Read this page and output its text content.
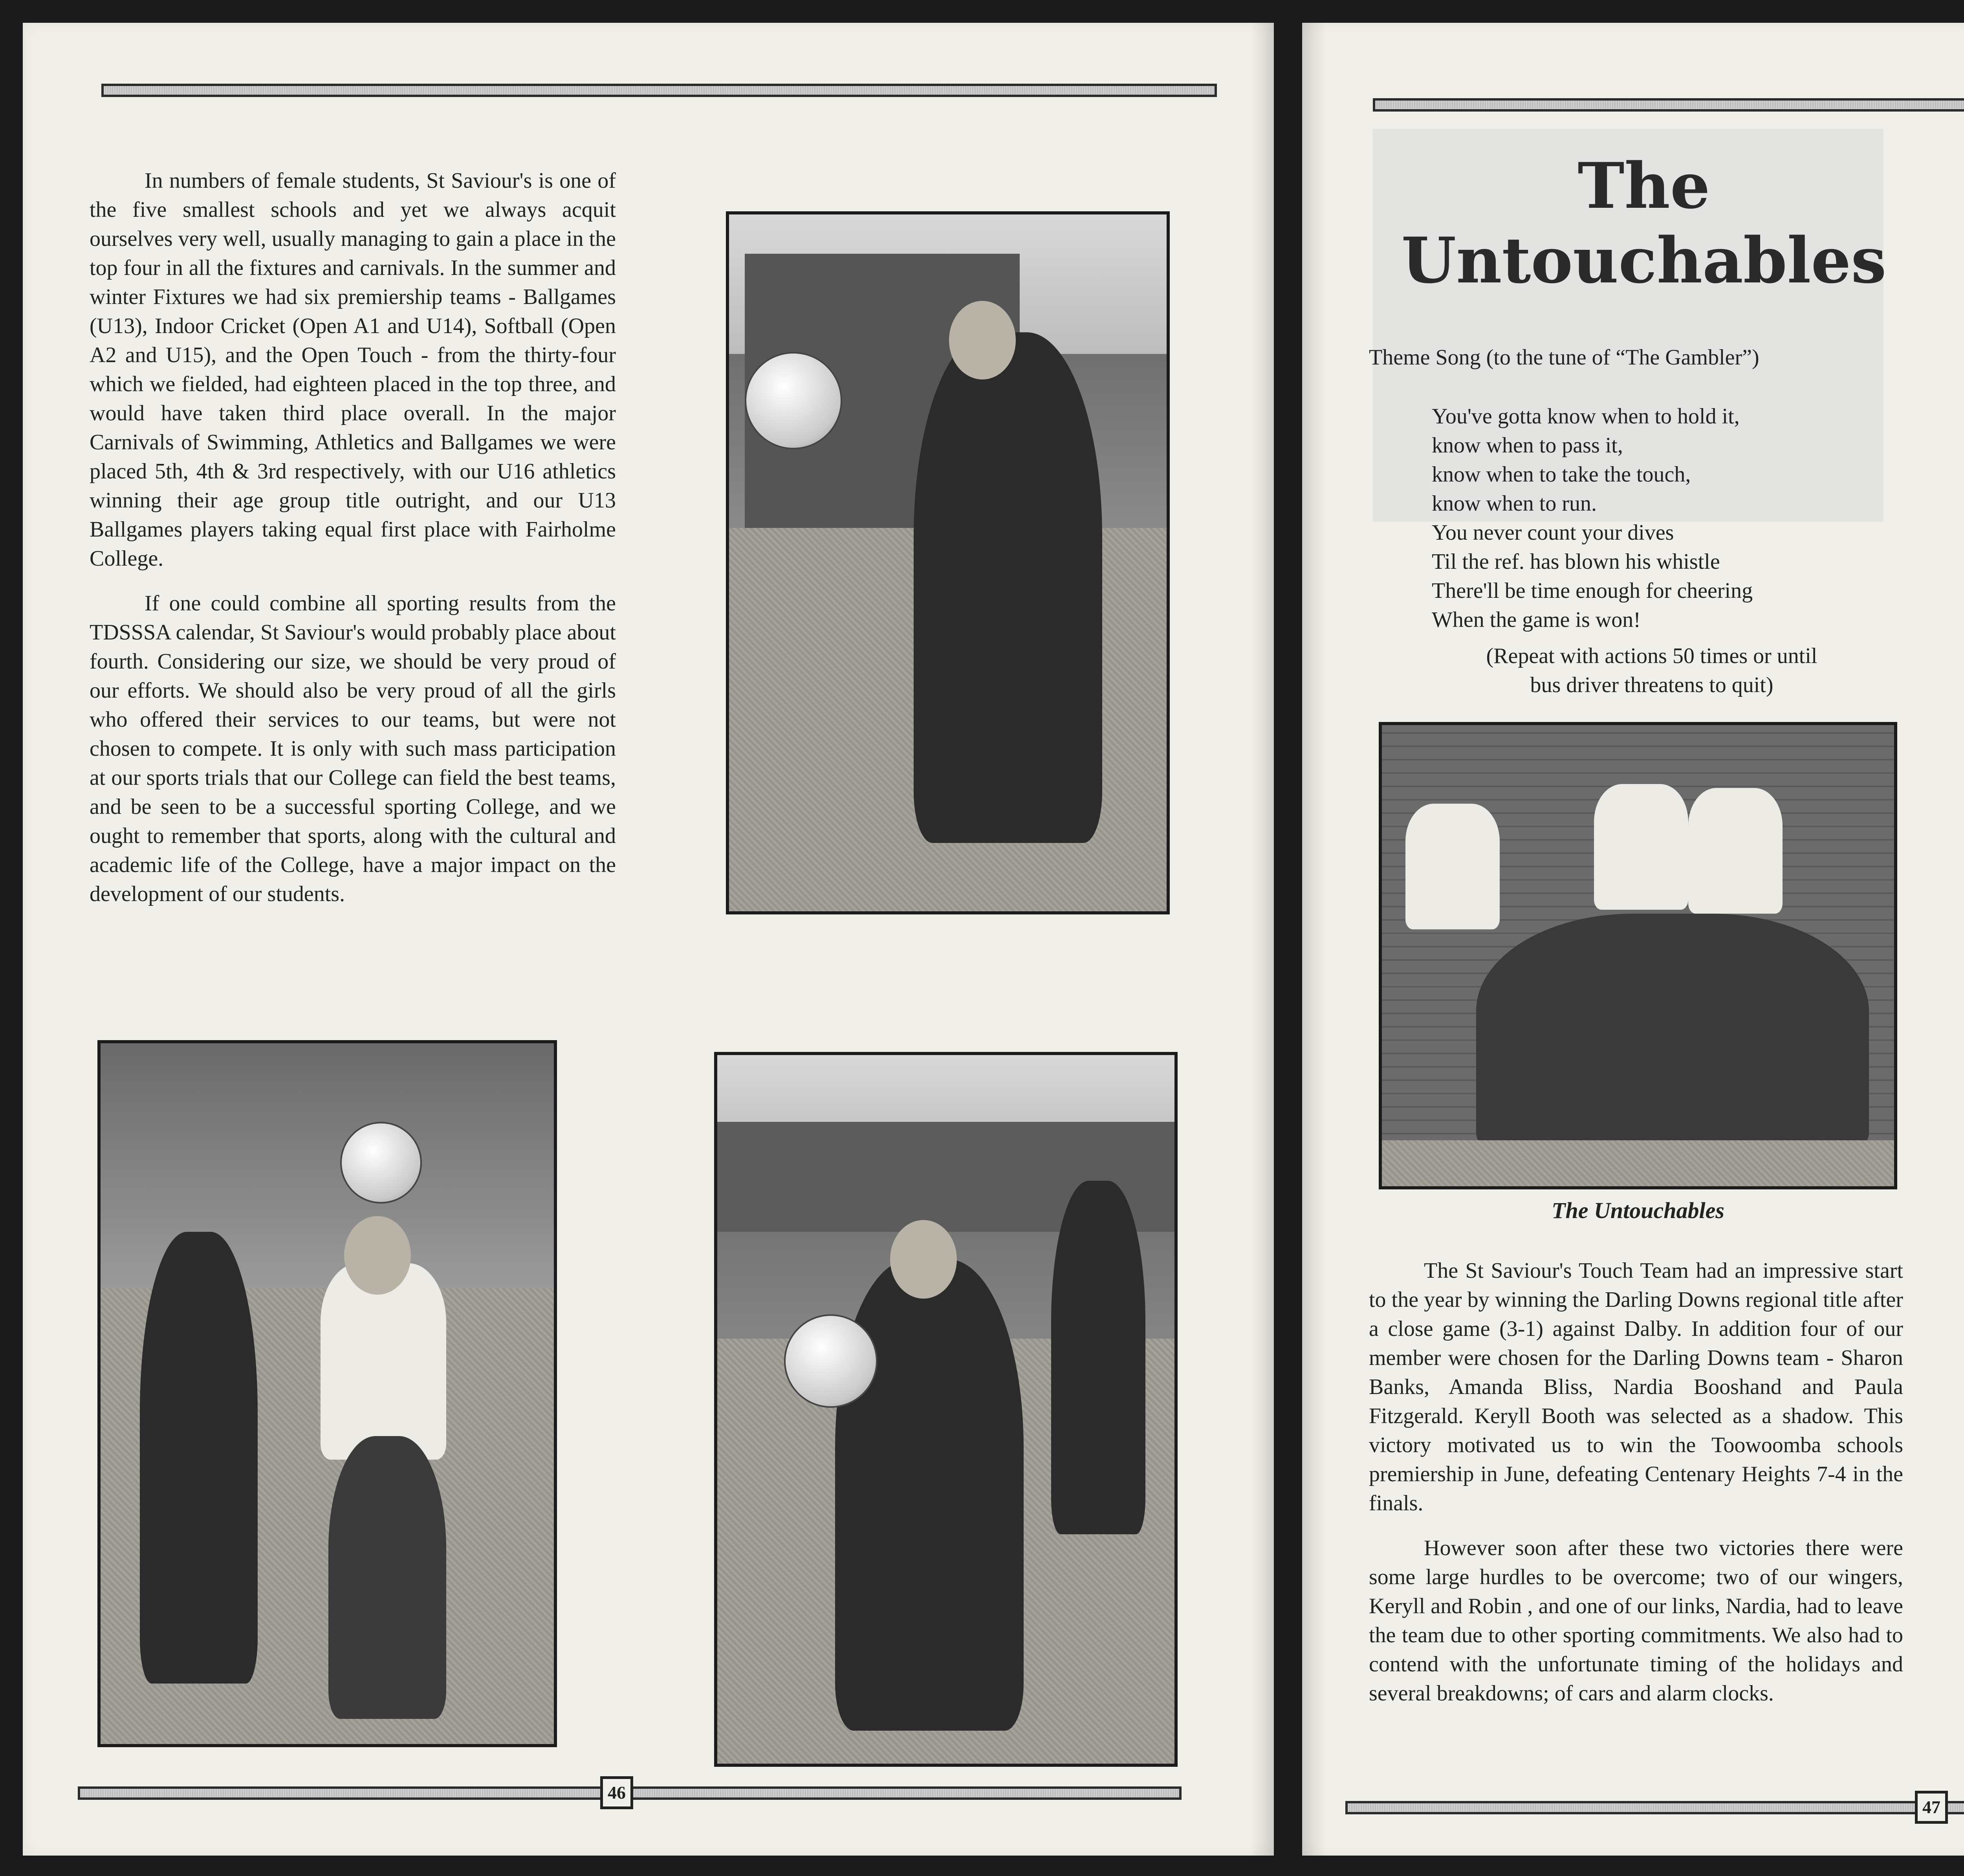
In numbers of female students, St Saviour's is one of the five smallest schools and yet we always acquit ourselves very well, usually managing to gain a place in the top four in all the fixtures and carnivals. In the summer and winter Fixtures we had six premiership teams - Ballgames (U13), Indoor Cricket (Open A1 and U14), Softball (Open A2 and U15), and the Open Touch - from the thirty-four which we fielded, had eighteen placed in the top three, and would have taken third place overall. In the major Carnivals of Swimming, Athletics and Ballgames we were placed 5th, 4th & 3rd respectively, with our U16 athletics winning their age group title outright, and our U13 Ballgames players taking equal first place with Fairholme College.

If one could combine all sporting results from the TDSSSA calendar, St Saviour's would probably place about fourth. Considering our size, we should be very proud of our efforts. We should also be very proud of all the girls who offered their services to our teams, but were not chosen to compete. It is only with such mass participation at our sports trials that our College can field the best teams, and be seen to be a successful sporting College, and we ought to remember that sports, along with the cultural and academic life of the College, have a major impact on the development of our students.

46
The
Untouchables
Theme Song (to the tune of “The Gambler”)
You've gotta know when to hold it,
know when to pass it,
know when to take the touch,
know when to run.
You never count your dives
Til the ref. has blown his whistle
There'll be time enough for cheering
When the game is won!
(Repeat with actions 50 times or until
bus driver threatens to quit)
The Untouchables

The St Saviour's Touch Team had an impressive start to the year by winning the Darling Downs regional title after a close game (3-1) against Dalby. In addition four of our member were chosen for the Darling Downs team - Sharon Banks, Amanda Bliss, Nardia Booshand and Paula Fitzgerald. Keryll Booth was selected as a shadow. This victory motivated us to win the Toowoomba schools premiership in June, defeating Centenary Heights 7-4 in the finals.

However soon after these two victories there were some large hurdles to be overcome; two of our wingers, Keryll and Robin , and one of our links, Nardia, had to leave the team due to other sporting commitments. We also had to contend with the unfortunate timing of the holidays and several breakdowns; of cars and alarm clocks.

47
